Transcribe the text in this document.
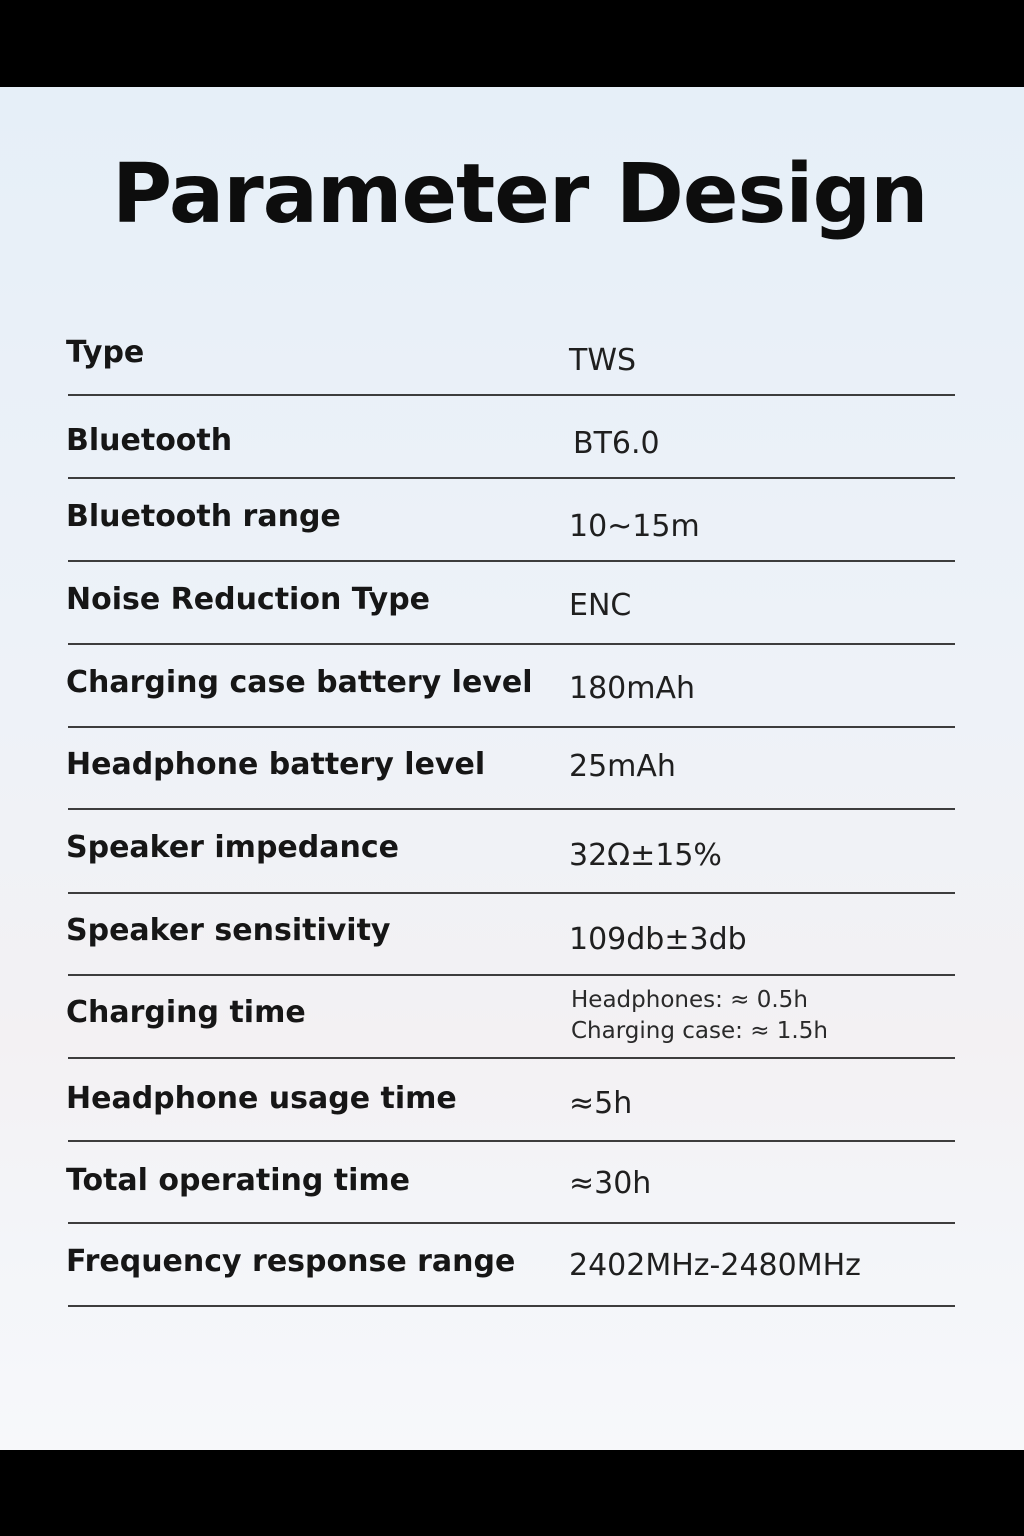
Parameter Design
Type	TWS
Bluetooth	BT6.0
Bluetooth range	10~15m
Noise Reduction Type	ENC
Charging case battery level 180mAh
Headphone battery level	25mAh
Speaker impedance	32Ω±15%
Speaker sensitivity	109db±3db
Charging time	Headphones: ≈ 0.5h
Charging case: ≈ 1.5h
Headphone usage time	≈5h
Total operating time	≈30h
Frequency response range 2402MHz-2480MHz
